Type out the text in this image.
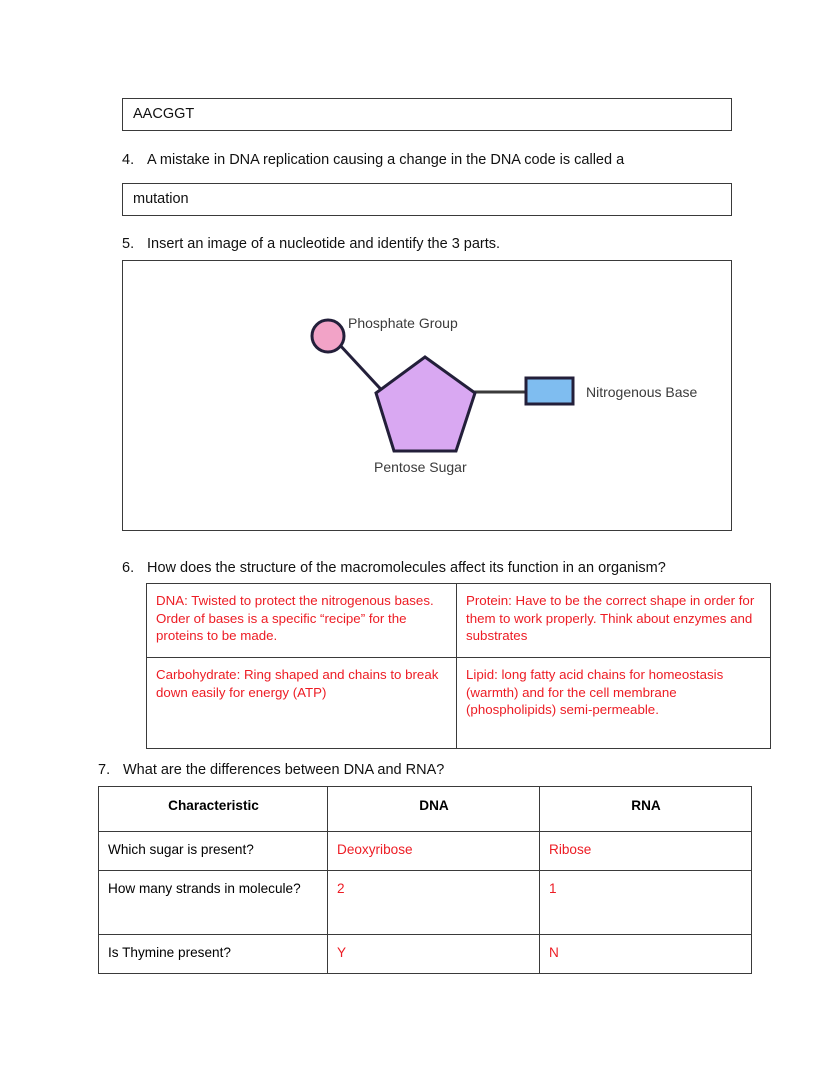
AACGGT
4. A mistake in DNA replication causing a change in the DNA code is called a
mutation
5. Insert an image of a nucleotide and identify the 3 parts.
Phosphate Group
Pentose Sugar
Nitrogenous Base
6. How does the structure of the macromolecules affect its function in an organism?
DNA: Twisted to protect the nitrogenous bases. Order of bases is a specific “recipe” for the proteins to be made.	Protein: Have to be the correct shape in order for them to work properly. Think about enzymes and substrates
Carbohydrate: Ring shaped and chains to break down easily for energy (ATP)	Lipid: long fatty acid chains for homeostasis (warmth) and for the cell membrane (phospholipids) semi-permeable.
7. What are the differences between DNA and RNA?
Characteristic	DNA	RNA
Which sugar is present?	Deoxyribose	Ribose
How many strands in molecule?	2	1
Is Thymine present?	Y	N
